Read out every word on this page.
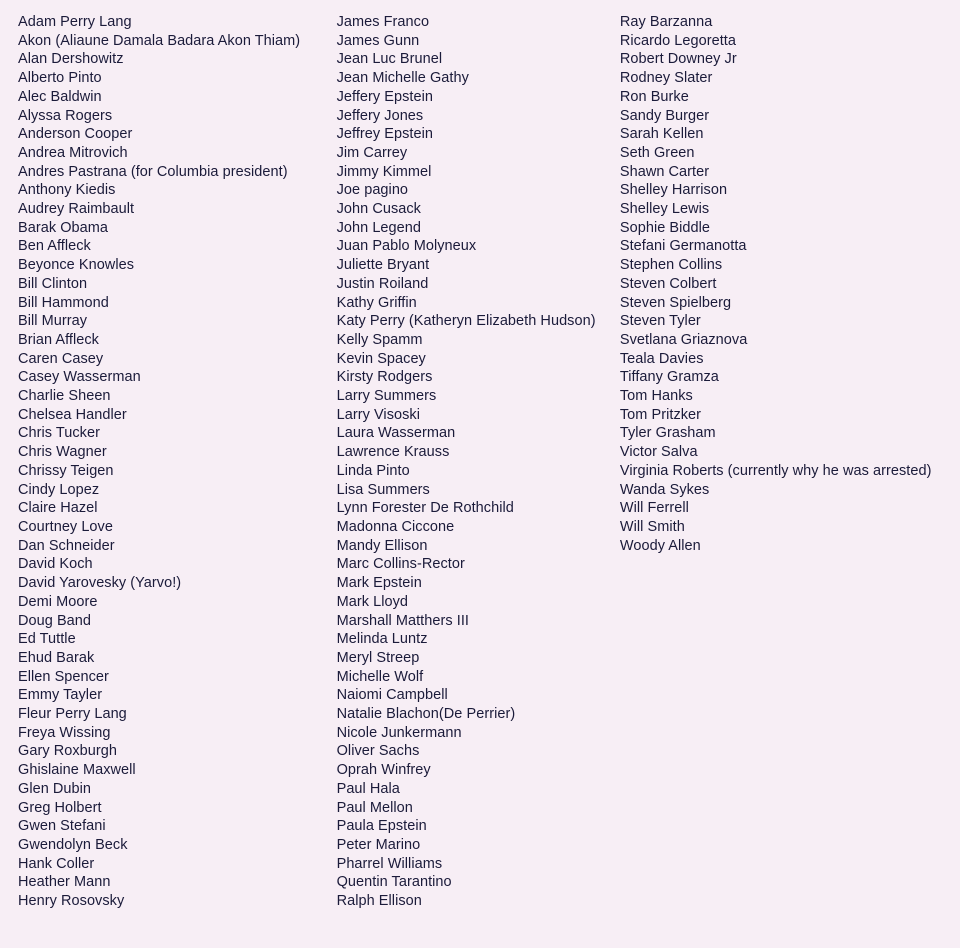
Adam Perry Lang
Akon (Aliaune Damala Badara Akon Thiam)
Alan Dershowitz
Alberto Pinto
Alec Baldwin
Alyssa Rogers
Anderson Cooper
Andrea Mitrovich
Andres Pastrana (for Columbia president)
Anthony Kiedis
Audrey Raimbault
Barak Obama
Ben Affleck
Beyonce Knowles
Bill Clinton
Bill Hammond
Bill Murray
Brian Affleck
Caren Casey
Casey Wasserman
Charlie Sheen
Chelsea Handler
Chris Tucker
Chris Wagner
Chrissy Teigen
Cindy Lopez
Claire Hazel
Courtney Love
Dan Schneider
David Koch
David Yarovesky (Yarvo!)
Demi Moore
Doug Band
Ed Tuttle
Ehud Barak
Ellen Spencer
Emmy Tayler
Fleur Perry Lang
Freya Wissing
Gary Roxburgh
Ghislaine Maxwell
Glen Dubin
Greg Holbert
Gwen Stefani
Gwendolyn Beck
Hank Coller
Heather Mann
Henry Rosovsky
James Franco
James Gunn
Jean Luc Brunel
Jean Michelle Gathy
Jeffery Epstein
Jeffery Jones
Jeffrey Epstein
Jim Carrey
Jimmy Kimmel
Joe pagino
John Cusack
John Legend
Juan Pablo Molyneux
Juliette Bryant
Justin Roiland
Kathy Griffin
Katy Perry (Katheryn Elizabeth Hudson)
Kelly Spamm
Kevin Spacey
Kirsty Rodgers
Larry Summers
Larry Visoski
Laura Wasserman
Lawrence Krauss
Linda Pinto
Lisa Summers
Lynn Forester De Rothchild
Madonna Ciccone
Mandy Ellison
Marc Collins-Rector
Mark Epstein
Mark Lloyd
Marshall Matthers III
Melinda Luntz
Meryl Streep
Michelle Wolf
Naiomi Campbell
Natalie Blachon(De Perrier)
Nicole Junkermann
Oliver Sachs
Oprah Winfrey
Paul Hala
Paul Mellon
Paula Epstein
Peter Marino
Pharrel Williams
Quentin Tarantino
Ralph Ellison
Ray Barzanna
Ricardo Legoretta
Robert Downey Jr
Rodney Slater
Ron Burke
Sandy Burger
Sarah Kellen
Seth Green
Shawn Carter
Shelley Harrison
Shelley Lewis
Sophie Biddle
Stefani Germanotta
Stephen Collins
Steven Colbert
Steven Spielberg
Steven Tyler
Svetlana Griaznova
Teala Davies
Tiffany Gramza
Tom Hanks
Tom Pritzker
Tyler Grasham
Victor Salva
Virginia Roberts (currently why he was arrested)
Wanda Sykes
Will Ferrell
Will Smith
Woody Allen
